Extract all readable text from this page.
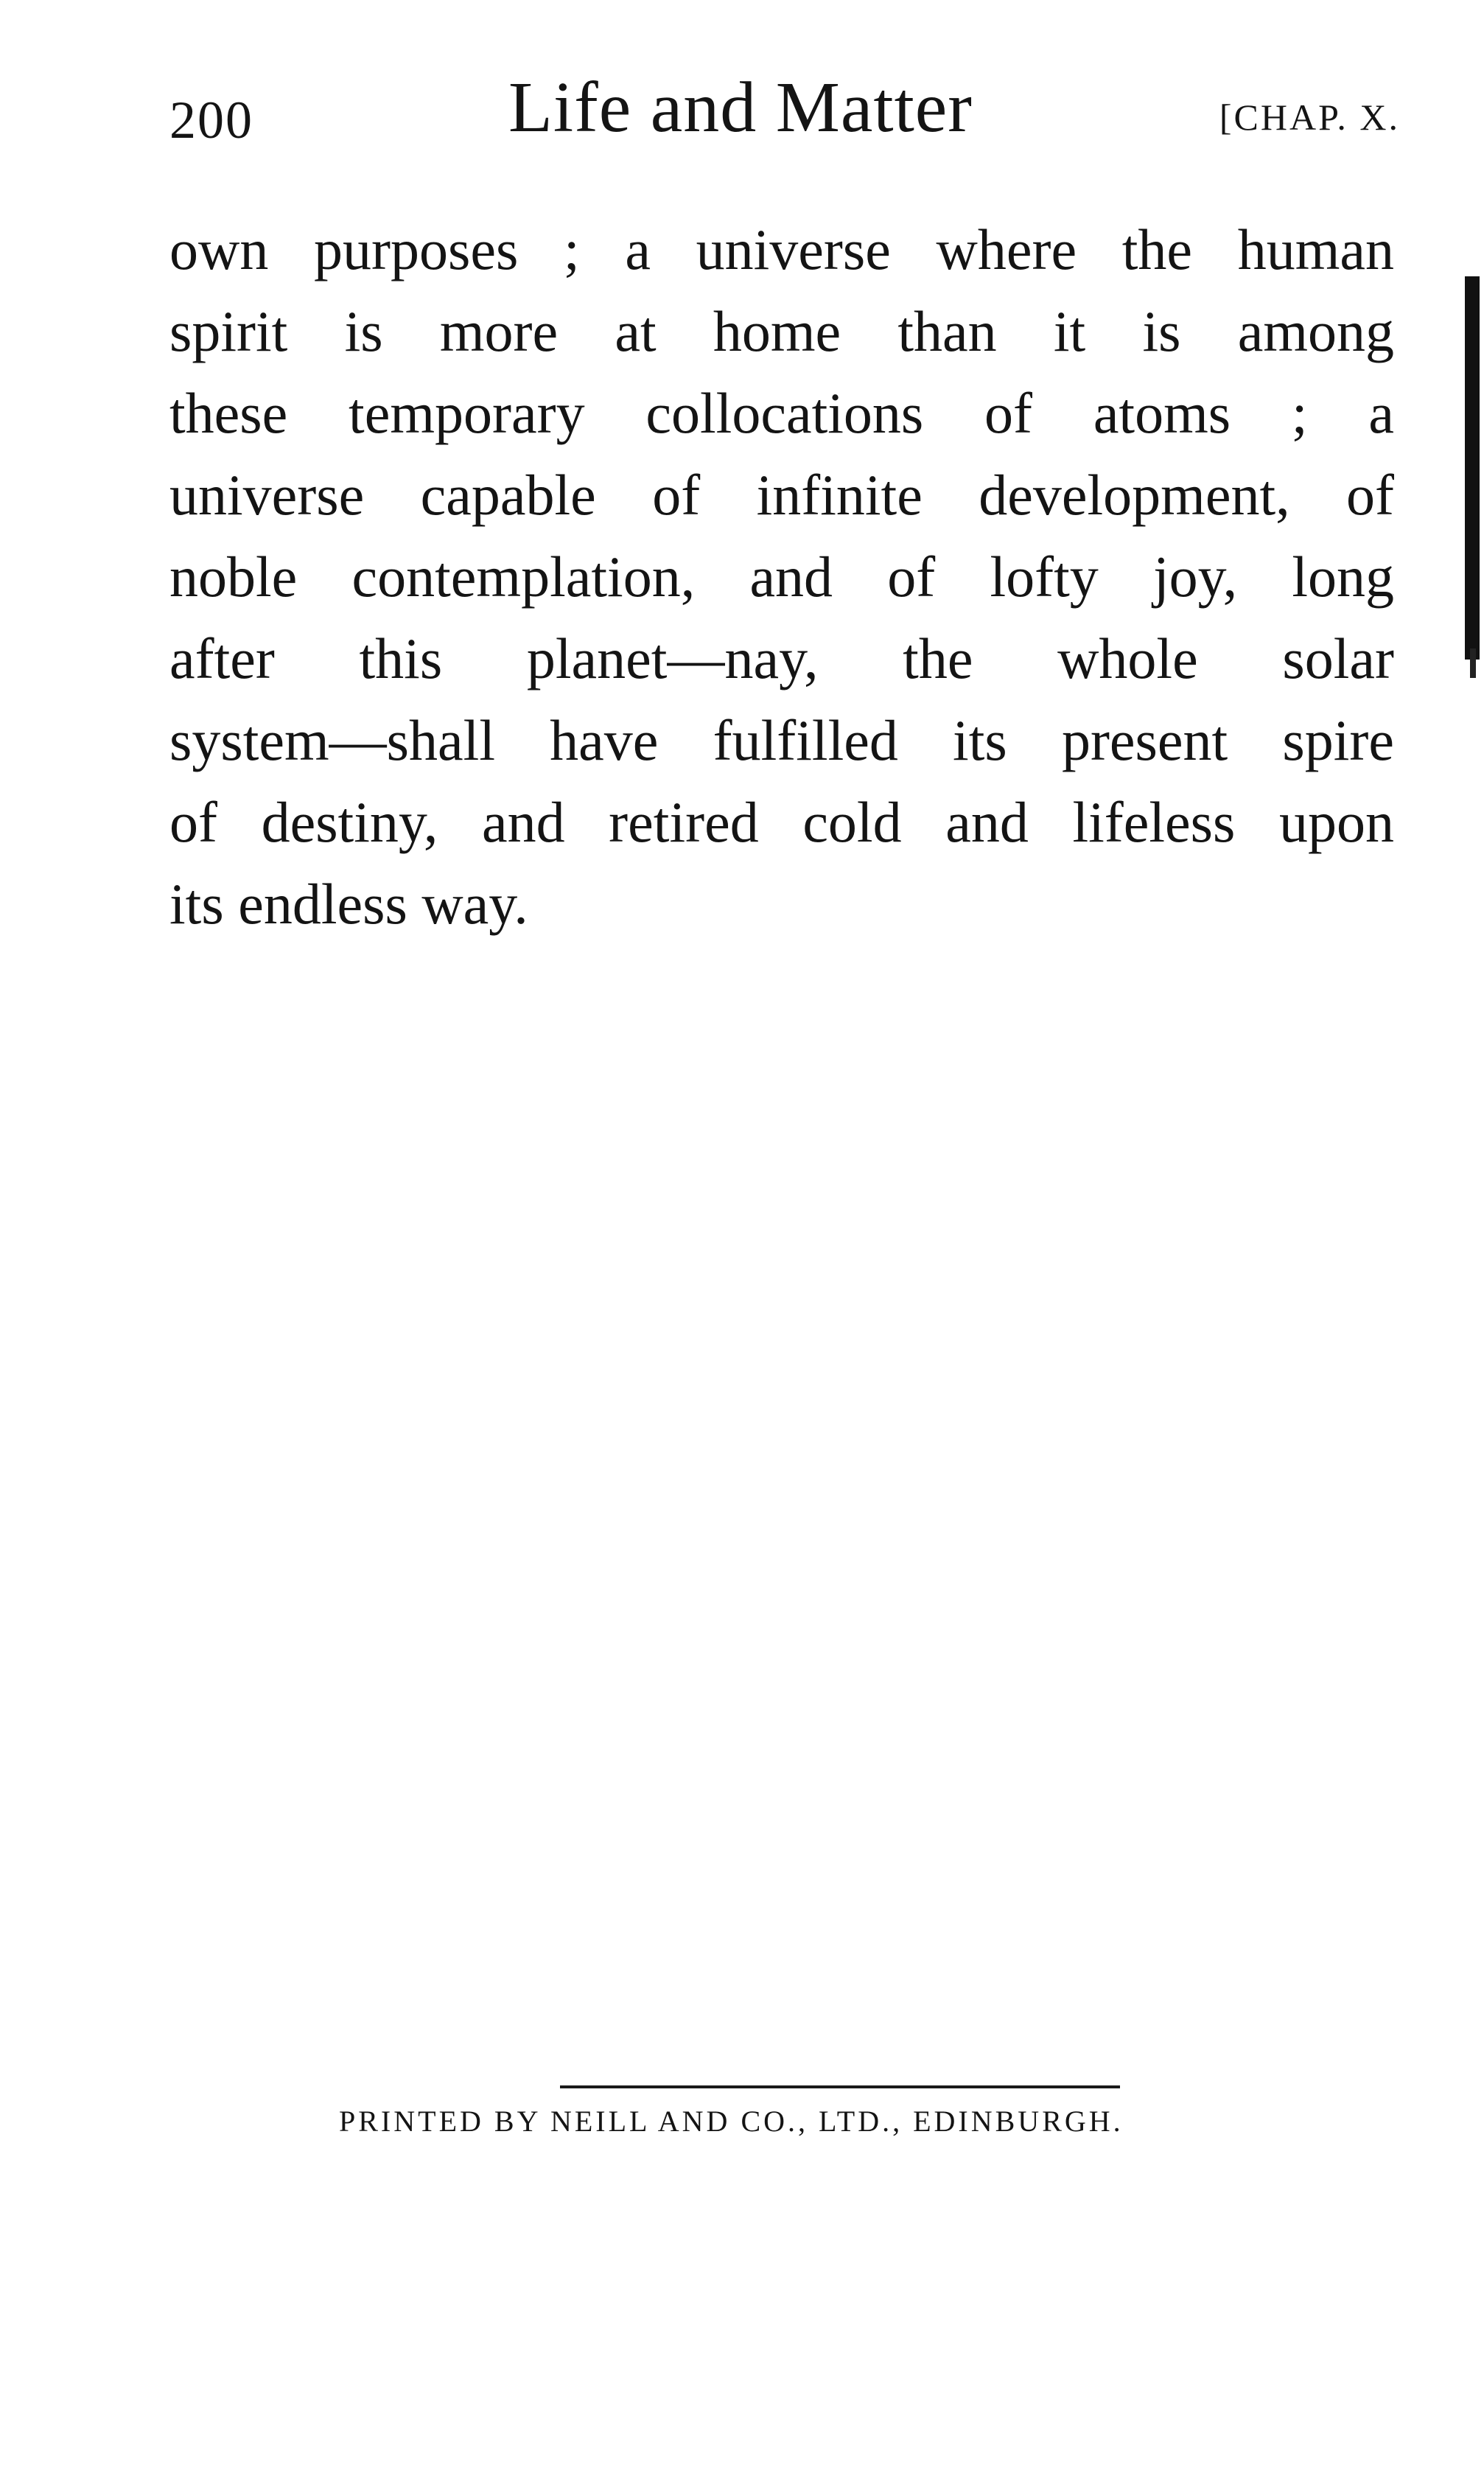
200	Life and Matter	[CHAP. X.

own purposes ; a universe where the human
spirit is more at home than it is among
these temporary collocations of atoms ; a
universe capable of infinite development, of
noble contemplation, and of lofty joy, long
after this planet—nay, the whole solar
system—shall have fulfilled its present spire
of destiny, and retired cold and lifeless upon
its endless way.

PRINTED BY NEILL AND CO., LTD., EDINBURGH.
